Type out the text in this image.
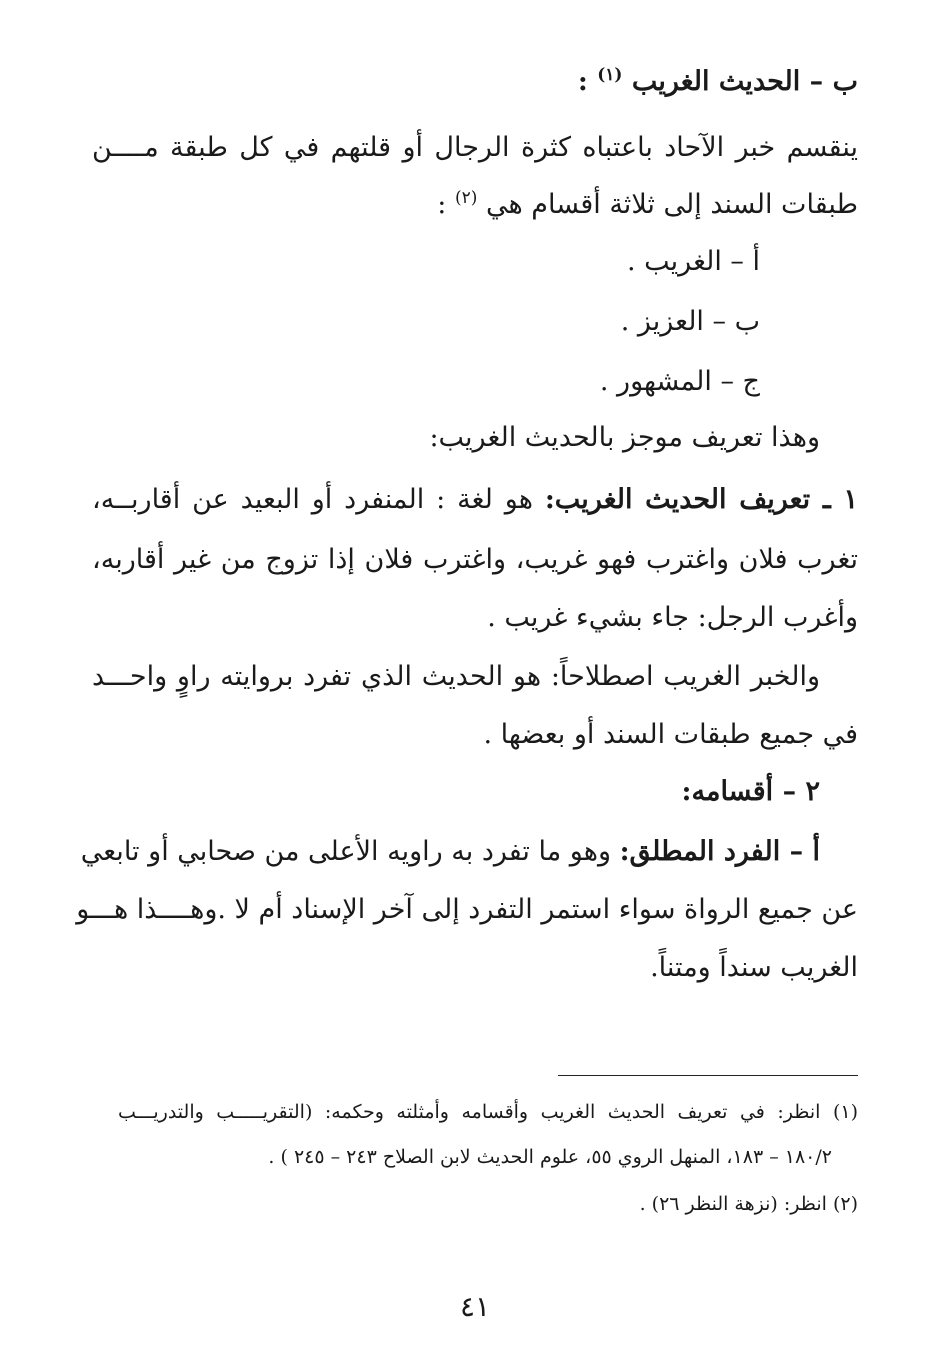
ب – الحديث الغريب $^{(١)}$ :
ينقسم خبر الآحاد باعتباه كثرة الرجال أو قلتهم في كل طبقة مــــن
طبقات السند إلى ثلاثة أقسام هي $^{(٢)}$ :
أ – الغريب .
ب – العزيز .
ج – المشهور .
وهذا تعريف موجز بالحديث الغريب:
١ ـ تعريف الحديث الغريب: هو لغة : المنفرد أو البعيد عن أقاربــه،
تغرب فلان واغترب فهو غريب، واغترب فلان إذا تزوج من غير أقاربه،
وأغرب الرجل: جاء بشيء غريب .
والخبر الغريب اصطلاحاً: هو الحديث الذي تفرد بروايته راوٍ واحـــد
في جميع طبقات السند أو بعضها .
٢ – أقسامه:
أ – الفرد المطلق: وهو ما تفرد به راويه الأعلى من صحابي أو تابعي
عن جميع الرواة سواء استمر التفرد إلى آخر الإسناد أم لا .وهــــذا هـــو
الغريب سنداً ومتناً.
(١) انظر: في تعريف الحديث الغريب وأقسامه وأمثلته وحكمه: (التقريـــــب والتدريـــب
١٨٠/٢ – ١٨٣، المنهل الروي ٥٥، علوم الحديث لابن الصلاح ٢٤٣ – ٢٤٥ ) .
(٢) انظر: (نزهة النظر ٢٦) .
٤١
